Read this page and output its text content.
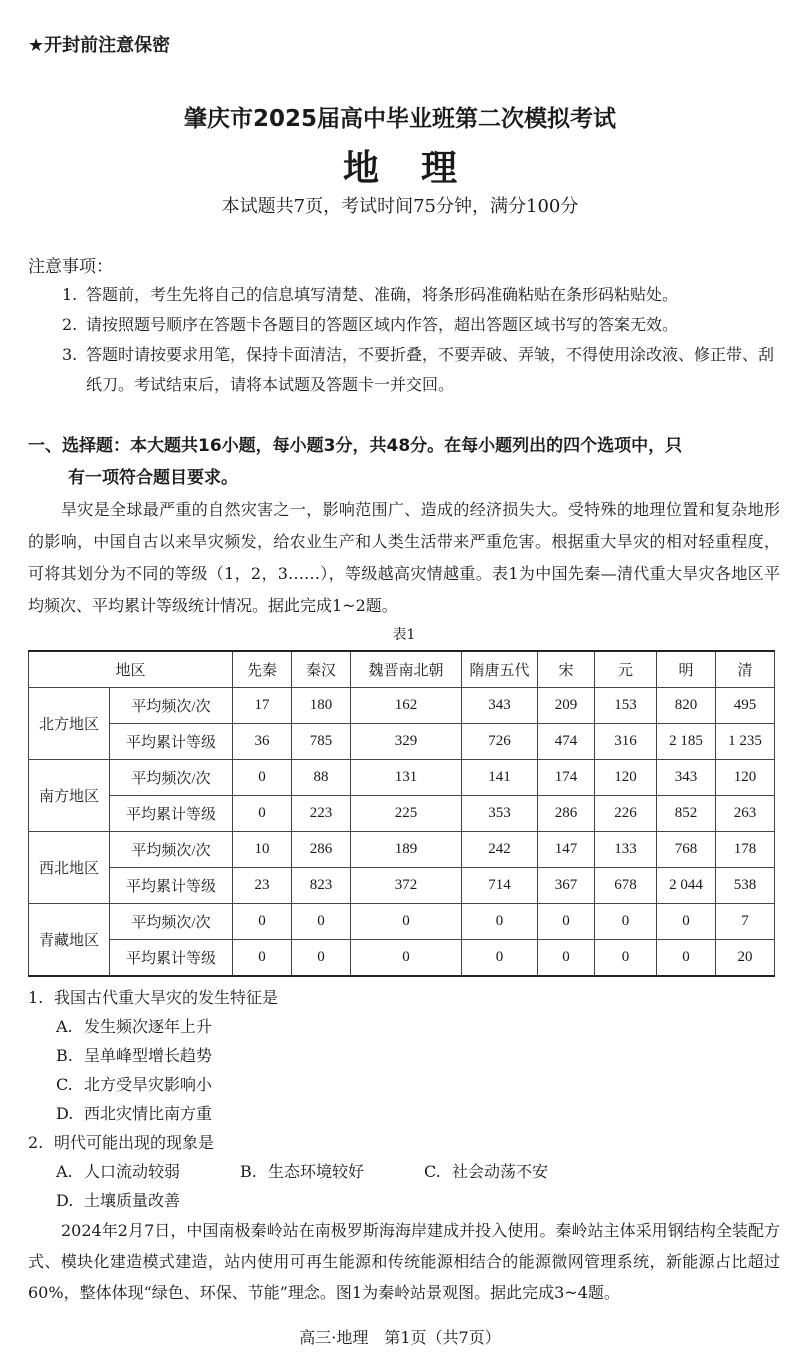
★开封前注意保密
肇庆市2025届高中毕业班第二次模拟考试
地 理
本试题共7页，考试时间75分钟，满分100分
注意事项：
1. 答题前，考生先将自己的信息填写清楚、准确，将条形码准确粘贴在条形码粘贴处。
2. 请按照题号顺序在答题卡各题目的答题区域内作答，超出答题区域书写的答案无效。
3. 答题时请按要求用笔，保持卡面清洁，不要折叠，不要弄破、弄皱，不得使用涂改液、修正带、刮纸刀。考试结束后，请将本试题及答题卡一并交回。
一、选择题：本大题共16小题，每小题3分，共48分。在每小题列出的四个选项中，只
有一项符合题目要求。
旱灾是全球最严重的自然灾害之一，影响范围广、造成的经济损失大。受特殊的地理位置和复杂地形的影响，中国自古以来旱灾频发，给农业生产和人类生活带来严重危害。根据重大旱灾的相对轻重程度，可将其划分为不同的等级（1，2，3……），等级越高灾情越重。表1为中国先秦—清代重大旱灾各地区平均频次、平均累计等级统计情况。据此完成1~2题。
表1
地区		先秦	秦汉	魏晋南北朝	隋唐五代	宋	元	明	清
北方地区	平均频次/次	17	180	162	343	209	153	820	495
	平均累计等级	36	785	329	726	474	316	2 185	1 235
南方地区	平均频次/次	0	88	131	141	174	120	343	120
	平均累计等级	0	223	225	353	286	226	852	263
西北地区	平均频次/次	10	286	189	242	147	133	768	178
	平均累计等级	23	823	372	714	367	678	2 044	538
青藏地区	平均频次/次	0	0	0	0	0	0	0	7
	平均累计等级	0	0	0	0	0	0	0	20
1. 我国古代重大旱灾的发生特征是
A. 发生频次逐年上升
B. 呈单峰型增长趋势
C. 北方受旱灾影响小
D. 西北灾情比南方重
2. 明代可能出现的现象是
A. 人口流动较弱	B. 生态环境较好	C. 社会动荡不安
D. 土壤质量改善
2024年2月7日，中国南极秦岭站在南极罗斯海海岸建成并投入使用。秦岭站主体采用钢结构全装配方式、模块化建造模式建造，站内使用可再生能源和传统能源相结合的能源微网管理系统，新能源占比超过60%，整体体现“绿色、环保、节能”理念。图1为秦岭站景观图。据此完成3~4题。
高三·地理　第1页（共7页）
